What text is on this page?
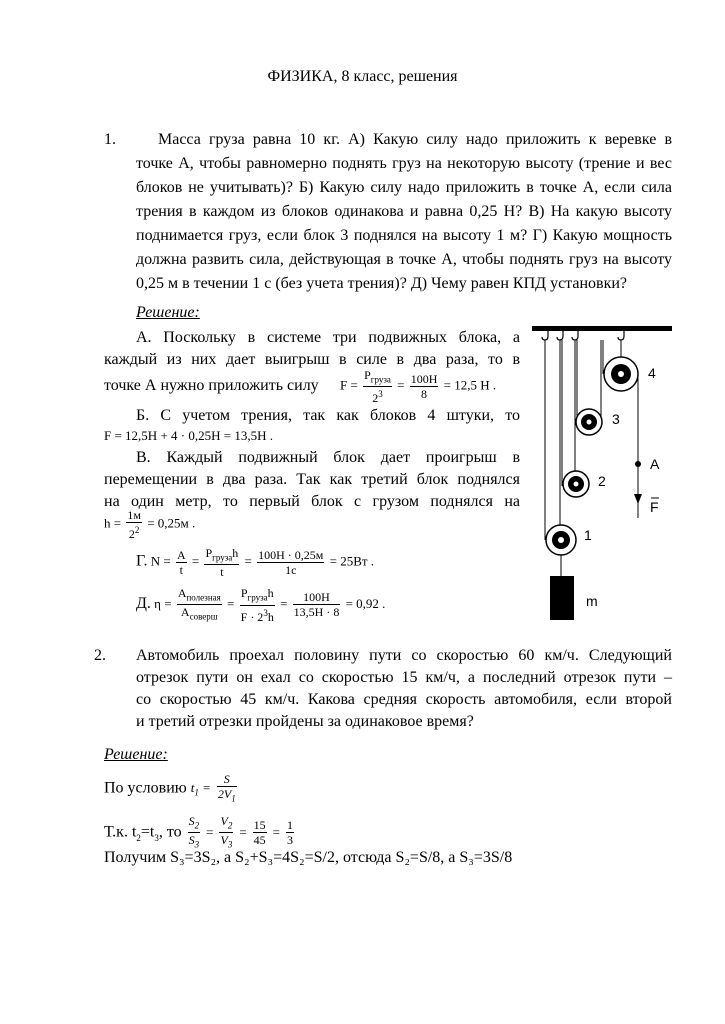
ФИЗИКА, 8 класс, решения
1.	Масса груза равна 10 кг. А) Какую силу надо приложить к веревке в
точке А, чтобы равномерно поднять груз на некоторую высоту (трение и вес блоков не учитывать)? Б) Какую силу надо приложить в точке А, если сила трения в каждом из блоков одинакова и равна 0,25 Н? В) На какую высоту поднимается груз, если блок 3 поднялся на высоту 1 м? Г) Какую мощность должна развить сила, действующая в точке А, чтобы поднять груз на высоту 0,25 м в течении 1 с (без учета трения)? Д) Чему равен КПД установки?
Решение:
А. Поскольку в системе три подвижных блока, а
каждый из них дает выигрыш в силе в два раза, то в
точке А нужно приложить силу $F = \frac{P_{груза}}{2^3} = \frac{100Н}{8} = 12,5$ Н .
Б. С учетом трения, так как блоков 4 штуки, то
F = 12,5Н + 4 · 0,25Н = 13,5Н .
В. Каждый подвижный блок дает проигрыш в
перемещении в два раза. Так как третий блок поднялся
на один метр, то первый блок с грузом поднялся на
$h = \frac{1м}{2^2} = 0,25м$ .
Г. $N = \frac{A}{t} = \frac{P_{груза}h}{t} = \frac{100Н \cdot 0,25м}{1с} = 25Вт$ .
Д. $\eta = \frac{A_{полезная}}{A_{соверш}} = \frac{P_{груза}h}{F \cdot 2^3h} = \frac{100Н}{13,5Н \cdot 8} = 0,92$ .
4
3
2
1
A
F
m
2. Автомобиль проехал половину пути со скоростью 60 км/ч. Следующий
отрезок пути он ехал со скоростью 15 км/ч, а последний отрезок пути –
со скоростью 45 км/ч. Какова средняя скорость автомобиля, если второй
и третий отрезки пройдены за одинаковое время?
Решение:
По условию $t_1 = \frac{S}{2V_1}$
Т.к. $t_2=t_3$, то $\frac{S_2}{S_3} = \frac{V_2}{V_3} = \frac{15}{45} = \frac{1}{3}$
Получим S₃=3S₂, а S₂+S₃=4S₂=S/2, отсюда S₂=S/8, а S₃=3S/8
